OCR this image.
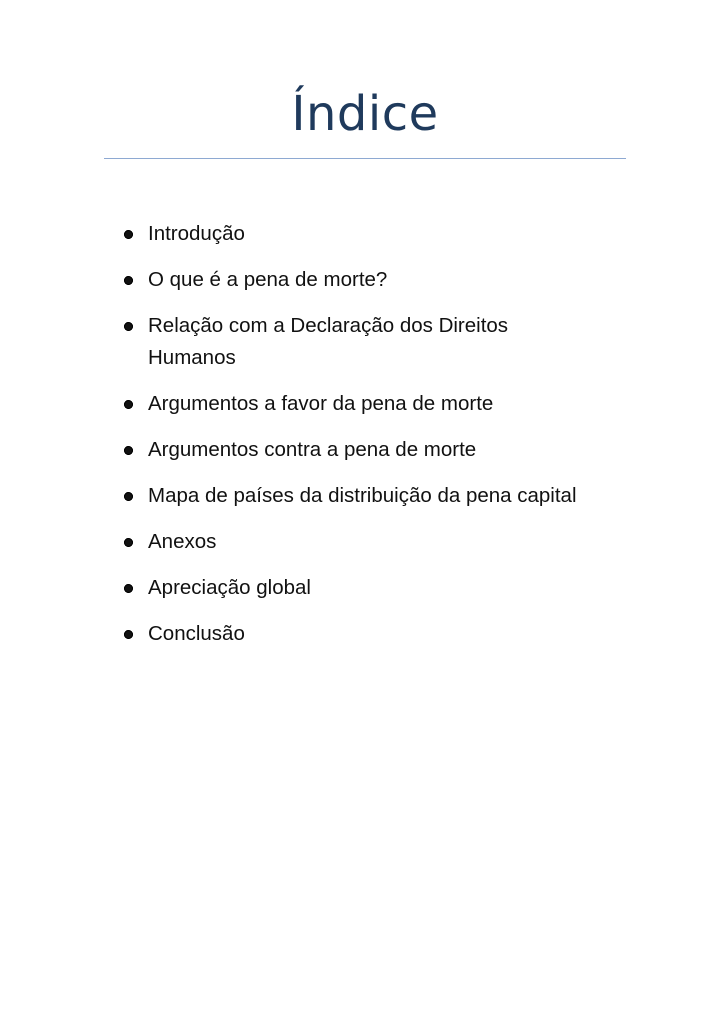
Índice
Introdução
O que é a pena de morte?
Relação com a Declaração dos Direitos Humanos
Argumentos a favor da pena de morte
Argumentos contra a pena de morte
Mapa de países da distribuição da pena capital
Anexos
Apreciação global
Conclusão
